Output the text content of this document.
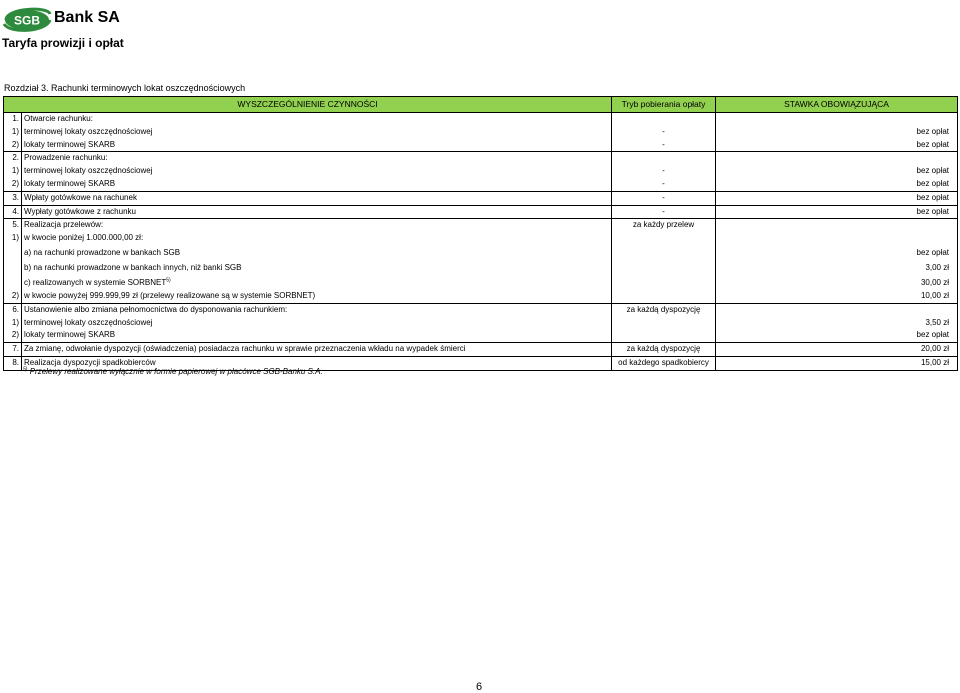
SGB Bank SA
Taryfa prowizji i opłat
Rozdział 3. Rachunki terminowych lokat oszczędnościowych
WYSZCZEGÓLNIENIE CZYNNOŚCI		Tryb pobierania opłaty	STAWKA OBOWIĄZUJĄCA
1.	Otwarcie rachunku:		
1)	terminowej lokaty oszczędnościowej	-	bez opłat
2)	lokaty terminowej SKARB	-	bez opłat
2.	Prowadzenie rachunku:		
1)	terminowej lokaty oszczędnościowej	-	bez opłat
2)	lokaty terminowej SKARB	-	bez opłat
3.	Wpłaty gotówkowe na rachunek	-	bez opłat
4.	Wypłaty gotówkowe z rachunku	-	bez opłat
5.	Realizacja przelewów:	za każdy przelew	
1)	w kwocie poniżej 1.000.000,00 zł:		
	a) na rachunki prowadzone w bankach SGB		bez opłat
	b) na rachunki prowadzone w bankach innych, niż banki SGB		3,00 zł
	c) realizowanych w systemie SORBNET$^{5)}$		30,00 zł
2)	w kwocie powyżej 999.999,99 zł (przelewy realizowane są w systemie SORBNET)		10,00 zł
6.	Ustanowienie albo zmiana pełnomocnictwa do dysponowania rachunkiem:	za każdą dyspozycję	
1)	terminowej lokaty oszczędnościowej		3,50 zł
2)	lokaty terminowej SKARB		bez opłat
7.	Za zmianę, odwołanie dyspozycji (oświadczenia) posiadacza rachunku w sprawie przeznaczenia wkładu na wypadek śmierci	za każdą dyspozycję	20,00 zł
8.	Realizacja dyspozycji spadkobierców	od każdego spadkobiercy	15,00 zł
$^{5)}$ Przelewy realizowane wyłącznie w formie papierowej w placówce SGB-Banku S.A.
6
